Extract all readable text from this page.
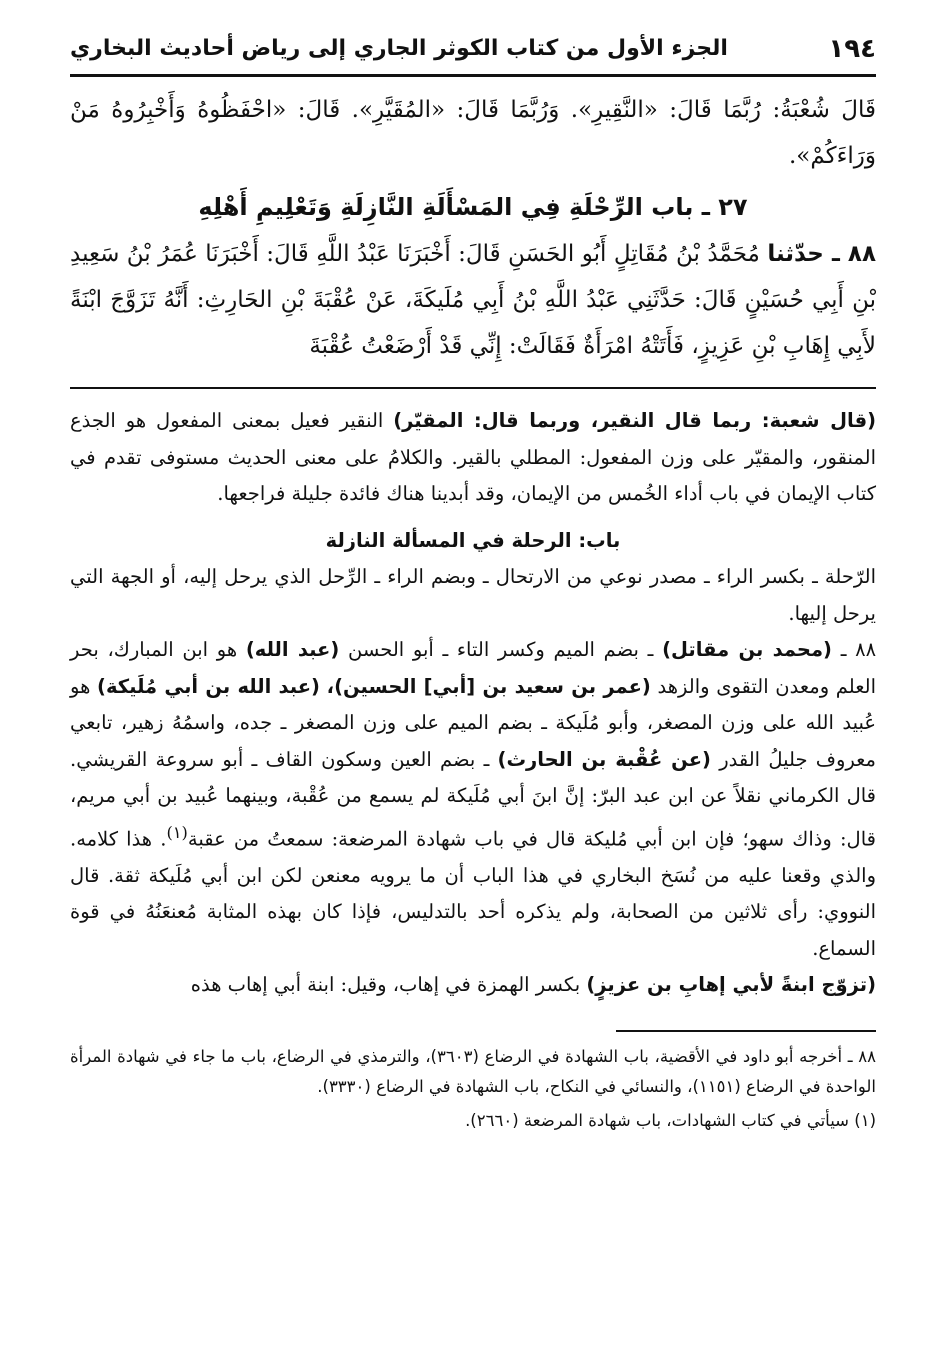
١٩٤
الجزء الأول من كتاب الكوثر الجاري إلى رياض أحاديث البخاري

قَالَ شُعْبَةُ: رُبَّمَا قَالَ: «النَّقِيرِ». وَرُبَّمَا قَالَ: «المُقَيَّرِ». قَالَ: «احْفَظُوهُ وَأَخْبِرُوهُ مَنْ وَرَاءَكُمْ».

٢٧ ـ باب الرِّحْلَةِ فِي المَسْأَلَةِ النَّازِلَةِ وَتَعْلِيمِ أَهْلِهِ

٨٨ ـ حدّثنا مُحَمَّدُ بْنُ مُقَاتِلٍ أَبُو الحَسَنِ قَالَ: أَخْبَرَنَا عَبْدُ اللَّهِ قَالَ: أَخْبَرَنَا عُمَرُ بْنُ سَعِيدِ بْنِ أَبِي حُسَيْنٍ قَالَ: حَدَّثَنِي عَبْدُ اللَّهِ بْنُ أَبِي مُلَيكَةَ، عَنْ عُقْبَةَ بْنِ الحَارِثِ: أَنَّهُ تَزَوَّجَ ابْنَةً لأَبِي إِهَابِ بْنِ عَزِيزٍ، فَأَتَتْهُ امْرَأَةٌ فَقَالَتْ: إِنِّي قَدْ أَرْضَعْتُ عُقْبَةَ

(قال شعبة: ربما قال النقير، وربما قال: المقيّر) النقير فعيل بمعنى المفعول هو الجذع المنقور، والمقيّر على وزن المفعول: المطلي بالقير. والكلامُ على معنى الحديث مستوفى تقدم في كتاب الإيمان في باب أداء الخُمس من الإيمان، وقد أبدينا هناك فائدة جليلة فراجعها.

باب: الرحلة في المسألة النازلة

الرّحلة ـ بكسر الراء ـ مصدر نوعي من الارتحال ـ وبضم الراء ـ الرِّحل الذي يرحل إليه، أو الجهة التي يرحل إليها.

٨٨ ـ (محمد بن مقاتل) ـ بضم الميم وكسر التاء ـ أبو الحسن (عبد الله) هو ابن المبارك، بحر العلم ومعدن التقوى والزهد (عمر بن سعيد بن [أبي] الحسين)، (عبد الله بن أبي مُلَيكة) هو عُبيد الله على وزن المصغر، وأبو مُلَيكة ـ بضم الميم على وزن المصغر ـ جده، واسمُهُ زهير، تابعي معروف جليلُ القدر (عن عُقْبة بن الحارث) ـ بضم العين وسكون القاف ـ أبو سروعة القريشي. قال الكرماني نقلاً عن ابن عبد البرّ: إنَّ ابنَ أبي مُلَيكة لم يسمع من عُقْبة، وبينهما عُبيد بن أبي مريم، قال: وذاك سهو؛ فإن ابن أبي مُليكة قال في باب شهادة المرضعة: سمعتُ من عقبة$^{(١)}$. هذا كلامه. والذي وقعنا عليه من نُسَخ البخاري في هذا الباب أن ما يرويه معنعن لكن ابن أبي مُلَيكة ثقة. قال النووي: رأى ثلاثين من الصحابة، ولم يذكره أحد بالتدليس، فإذا كان بهذه المثابة مُعنعَنُهُ في قوة السماع.

(تزوّج ابنةً لأبي إهابِ بن عزيزٍ) بكسر الهمزة في إهاب، وقيل: ابنة أبي إهاب هذه

٨٨ ـ أخرجه أبو داود في الأقضية، باب الشهادة في الرضاع (٣٦٠٣)، والترمذي في الرضاع، باب ما جاء في شهادة المرأة الواحدة في الرضاع (١١٥١)، والنسائي في النكاح، باب الشهادة في الرضاع (٣٣٣٠).

(١) سيأتي في كتاب الشهادات، باب شهادة المرضعة (٢٦٦٠).
